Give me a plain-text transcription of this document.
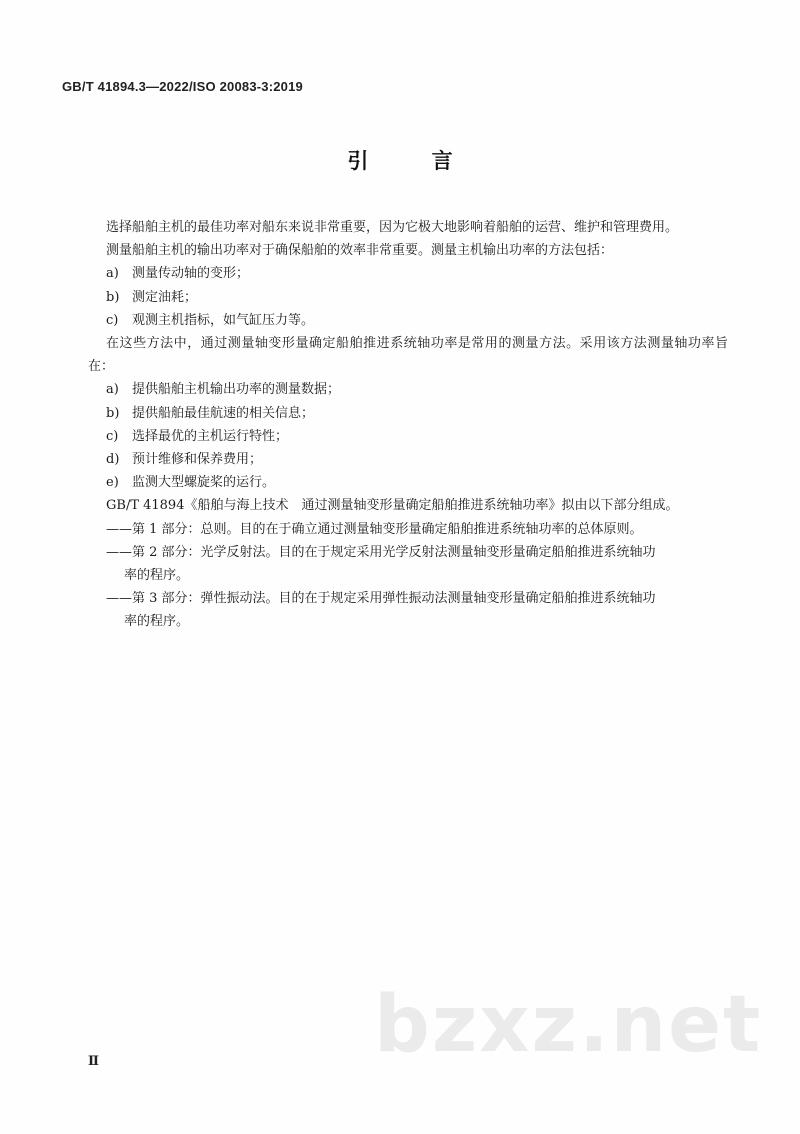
GB/T 41894.3—2022/ISO 20083-3:2019
引 言

选择船舶主机的最佳功率对船东来说非常重要，因为它极大地影响着船舶的运营、维护和管理费用。

测量船舶主机的输出功率对于确保船舶的效率非常重要。测量主机输出功率的方法包括：

a)	测量传动轴的变形；
b) 测定油耗；
c)	观测主机指标，如气缸压力等。

在这些方法中，通过测量轴变形量确定船舶推进系统轴功率是常用的测量方法。采用该方法测量轴功率旨在：

a)	提供船舶主机输出功率的测量数据；
b) 提供船舶最佳航速的相关信息；
c)	选择最优的主机运行特性；
d) 预计维修和保养费用；
e)	监测大型螺旋桨的运行。

GB/T 41894《船舶与海上技术　通过测量轴变形量确定船舶推进系统轴功率》拟由以下部分组成。

——第 1 部分：总则。目的在于确立通过测量轴变形量确定船舶推进系统轴功率的总体原则。
——第 2 部分：光学反射法。目的在于规定采用光学反射法测量轴变形量确定船舶推进系统轴功
率的程序。
——第 3 部分：弹性振动法。目的在于规定采用弹性振动法测量轴变形量确定船舶推进系统轴功
率的程序。
bzxz.net
Ⅱ
